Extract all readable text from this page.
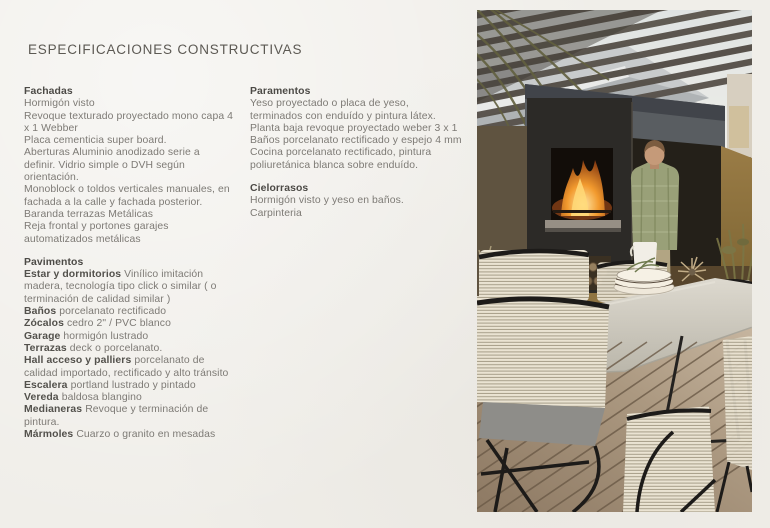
ESPECIFICACIONES CONSTRUCTIVAS
Fachadas

Hormigón visto

Revoque texturado proyectado mono capa 4 x 1 Webber

Placa cementicia super board.

Aberturas Aluminio anodizado serie a definir. Vidrio simple o DVH según orientación.

Monoblock o toldos verticales manuales, en fachada a la calle y fachada posterior.

Baranda terrazas Metálicas

Reja frontal y portones garajes automatizados metálicas

Pavimentos

Estar y dormitorios Vinílico imitación madera, tecnología tipo click o similar ( o terminación de calidad similar )

Baños porcelanato rectificado

Zócalos cedro 2" / PVC blanco

Garage hormigón lustrado

Terrazas deck o porcelanato.

Hall acceso y palliers porcelanato de calidad importado, rectificado y alto tránsito

Escalera portland lustrado y pintado

Vereda baldosa blangino

Medianeras Revoque y terminación de pintura.

Mármoles Cuarzo o granito en mesadas

Paramentos

Yeso proyectado o placa de yeso, terminados con enduído y pintura látex.

Planta baja revoque proyectado weber 3 x 1

Baños porcelanato rectificado y espejo 4 mm

Cocina porcelanato rectificado, pintura poliuretánica blanca sobre enduído.

Cielorrasos

Hormigón visto y yeso en baños.

Carpinteria
